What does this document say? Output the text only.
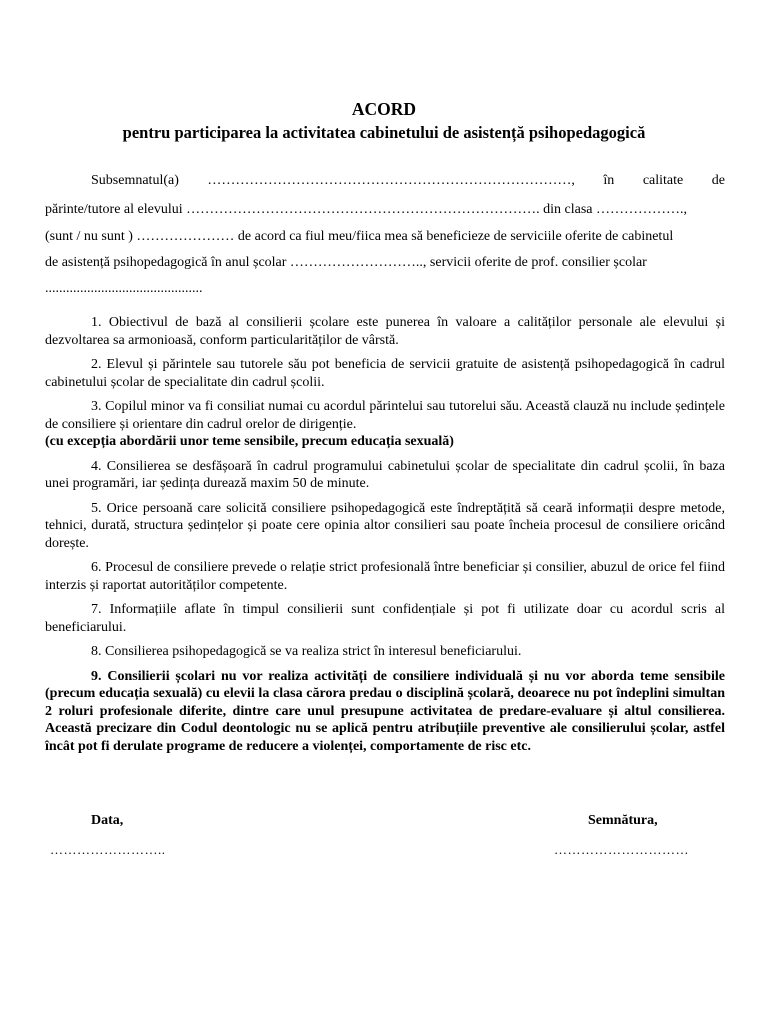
ACORD
pentru participarea la activitatea cabinetului de asistență psihopedagogică
Subsemnatul(a) ……………………………………………………………………, în calitate de
părinte/tutore al elevului …………………………………………………………………. din clasa ……………….,
(sunt / nu sunt ) ………………… de acord ca fiul meu/fiica mea să beneficieze de serviciile oferite de cabinetul
de asistență psihopedagogică în anul școlar ……………………….., servicii oferite de prof. consilier școlar
.............................................
1. Obiectivul de bază al consilierii școlare este punerea în valoare a calităților personale ale elevului și dezvoltarea sa armonioasă, conform particularităților de vârstă.
2. Elevul și părintele sau tutorele său pot beneficia de servicii gratuite de asistență psihopedagogică în cadrul cabinetului școlar de specialitate din cadrul școlii.
3. Copilul minor va fi consiliat numai cu acordul părintelui sau tutorelui său. Această clauză nu include ședințele de consiliere și orientare din cadrul orelor de dirigenție.
(cu excepția abordării unor teme sensibile, precum educația sexuală)
4. Consilierea se desfășoară în cadrul programului cabinetului școlar de specialitate din cadrul școlii, în baza unei programări, iar ședința durează maxim 50 de minute.
5. Orice persoană care solicită consiliere psihopedagogică este îndreptățită să ceară informații despre metode, tehnici, durată, structura ședințelor și poate cere opinia altor consilieri sau poate încheia procesul de consiliere oricând dorește.
6. Procesul de consiliere prevede o relație strict profesională între beneficiar și consilier, abuzul de orice fel fiind interzis și raportat autorităților competente.
7. Informațiile aflate în timpul consilierii sunt confidențiale și pot fi utilizate doar cu acordul scris al beneficiarului.
8. Consilierea psihopedagogică se va realiza strict în interesul beneficiarului.
9. Consilierii școlari nu vor realiza activități de consiliere individuală și nu vor aborda teme sensibile (precum educația sexuală) cu elevii la clasa cărora predau o disciplină școlară, deoarece nu pot îndeplini simultan 2 roluri profesionale diferite, dintre care unul presupune activitatea de predare-evaluare și altul consilierea. Această precizare din Codul deontologic nu se aplică pentru atribuțiile preventive ale consilierului școlar, astfel încât pot fi derulate programe de reducere a violenței, comportamente de risc etc.
Data,	Semnătura,
……………………..	…………………………
